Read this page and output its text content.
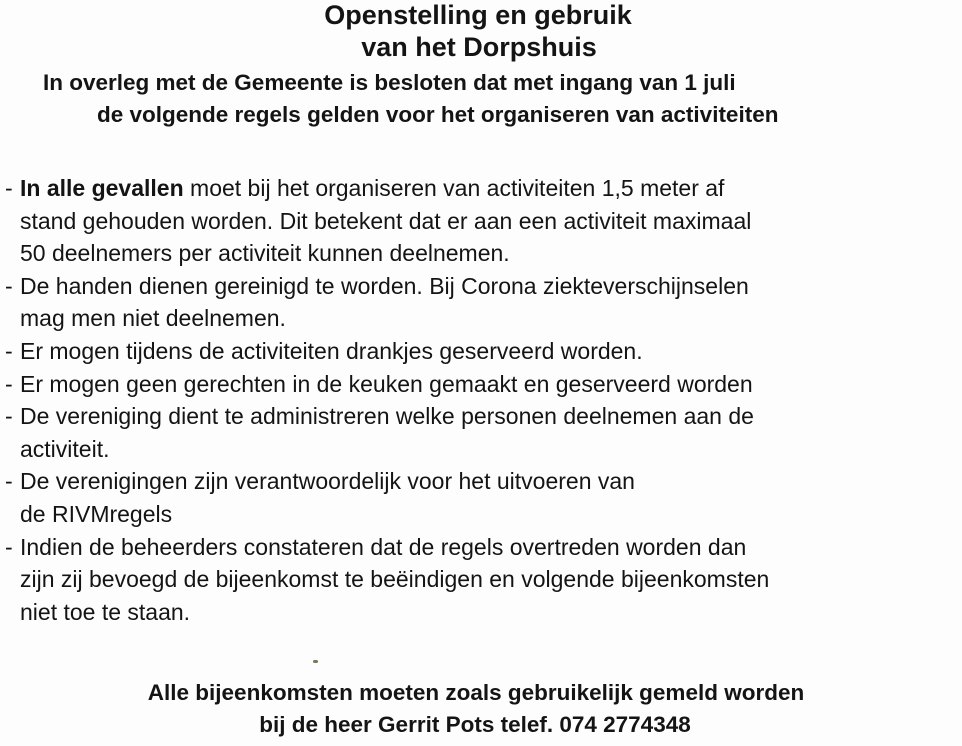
Openstelling en gebruik
van het Dorpshuis

In overleg met de Gemeente is besloten dat met ingang van 1 juli

de volgende regels gelden voor het organiseren van activiteiten

- In alle gevallen moet bij het organiseren van activiteiten 1,5 meter af
stand gehouden worden. Dit betekent dat er aan een activiteit maximaal
50 deelnemers per activiteit kunnen deelnemen.
- De handen dienen gereinigd te worden. Bij Corona ziekteverschijnselen
mag men niet deelnemen.
- Er mogen tijdens de activiteiten drankjes geserveerd worden.
- Er mogen geen gerechten in de keuken gemaakt en geserveerd worden
- De vereniging dient te administreren welke personen deelnemen aan de
activiteit.
- De verenigingen zijn verantwoordelijk voor het uitvoeren van
de RIVMregels
- Indien de beheerders constateren dat de regels overtreden worden dan
zijn zij bevoegd de bijeenkomst te beëindigen en volgende bijeenkomsten
niet toe te staan.

Alle bijeenkomsten moeten zoals gebruikelijk gemeld worden

bij de heer Gerrit Pots telef. 074 2774348
